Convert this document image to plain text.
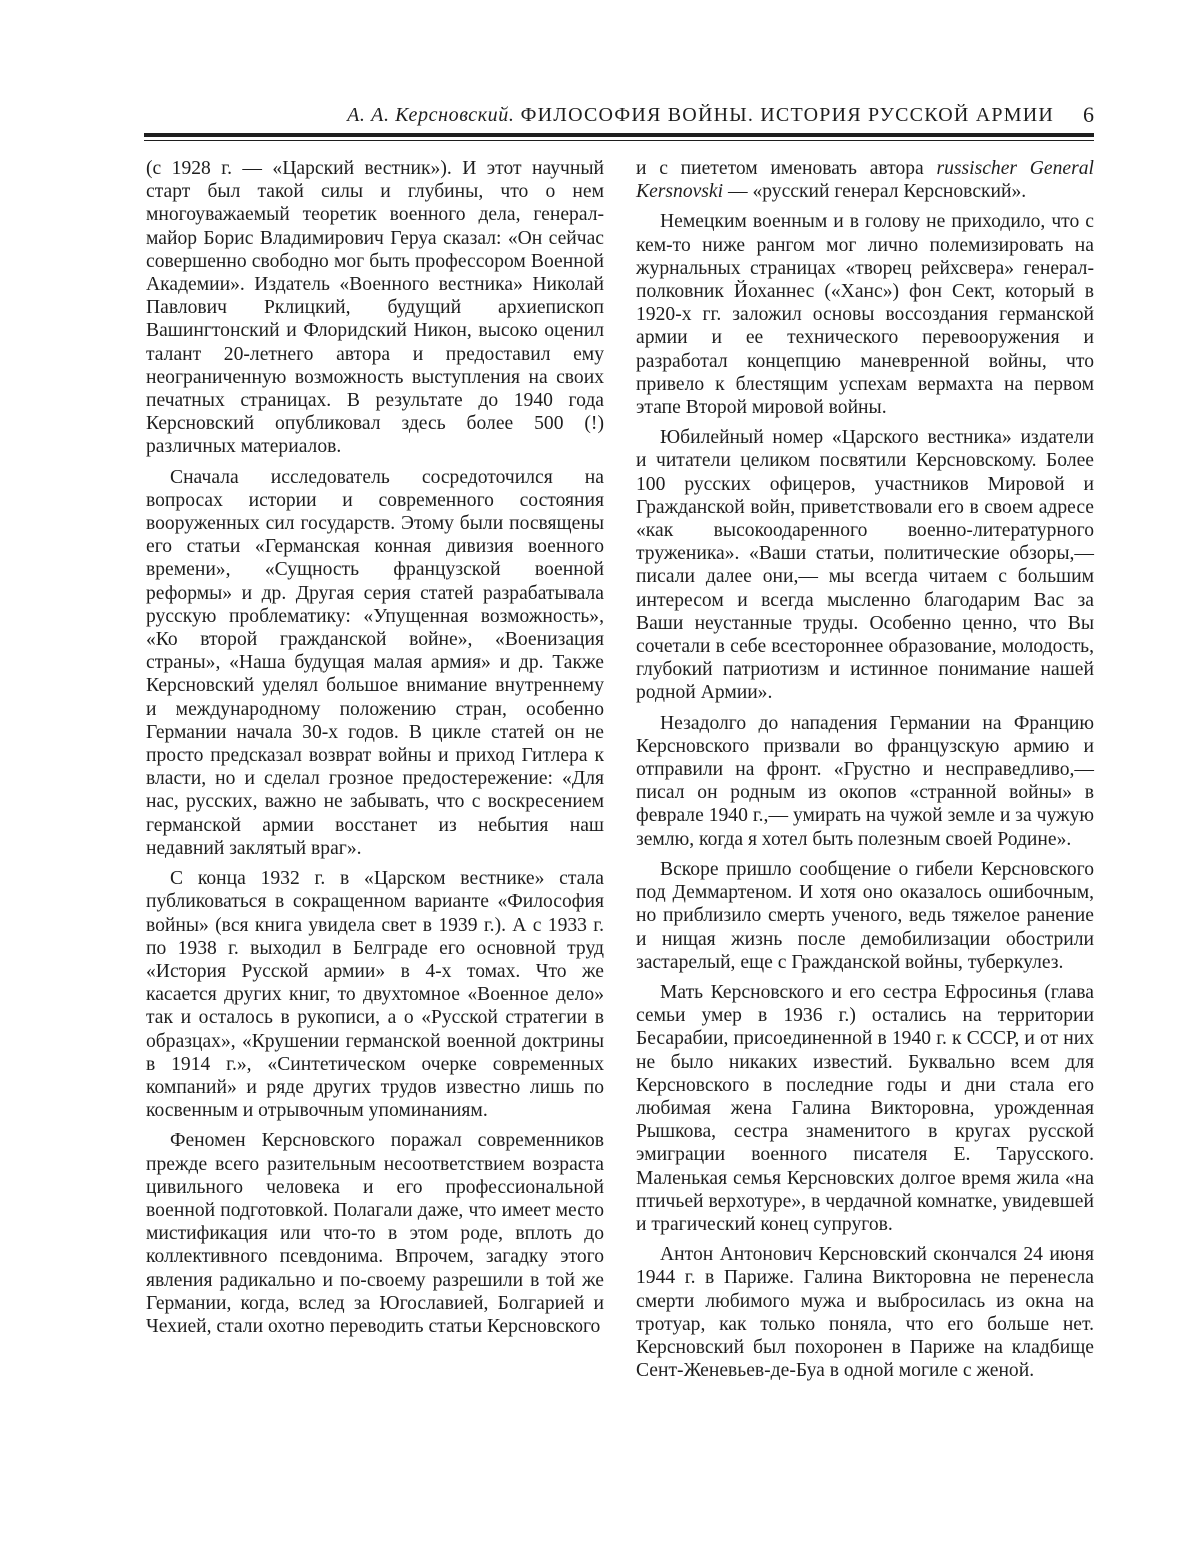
А. А. Керсновский. ФИЛОСОФИЯ ВОЙНЫ. ИСТОРИЯ РУССКОЙ АРМИИ 6

(с 1928 г. — «Царский вестник»). И этот научный старт был такой силы и глубины, что о нем многоуважаемый теоретик военного дела, генерал-майор Борис Владимирович Геруа сказал: «Он сейчас совершенно свободно мог быть профессором Военной Академии». Издатель «Военного вестника» Николай Павлович Рклицкий, будущий архиепископ Вашингтонский и Флоридский Никон, высоко оценил талант 20-летнего автора и предоставил ему неограниченную возможность выступления на своих печатных страницах. В результате до 1940 года Керсновский опубликовал здесь более 500 (!) различных материалов.

Сначала исследователь сосредоточился на вопросах истории и современного состояния вооруженных сил государств. Этому были посвящены его статьи «Германская конная дивизия военного времени», «Сущность французской военной реформы» и др. Другая серия статей разрабатывала русскую проблематику: «Упущенная возможность», «Ко второй гражданской войне», «Военизация страны», «Наша будущая малая армия» и др. Также Керсновский уделял большое внимание внутреннему и международному положению стран, особенно Германии начала 30-х годов. В цикле статей он не просто предсказал возврат войны и приход Гитлера к власти, но и сделал грозное предостережение: «Для нас, русских, важно не забывать, что с воскресением германской армии восстанет из небытия наш недавний заклятый враг».

С конца 1932 г. в «Царском вестнике» стала публиковаться в сокращенном варианте «Философия войны» (вся книга увидела свет в 1939 г.). А с 1933 г. по 1938 г. выходил в Белграде его основной труд «История Русской армии» в 4-х томах. Что же касается других книг, то двухтомное «Военное дело» так и осталось в рукописи, а о «Русской стратегии в образцах», «Крушении германской военной доктрины в 1914 г.», «Синтетическом очерке современных компаний» и ряде других трудов известно лишь по косвенным и отрывочным упоминаниям.

Феномен Керсновского поражал современников прежде всего разительным несоответствием возраста цивильного человека и его профессиональной военной подготовкой. Полагали даже, что имеет место мистификация или что-то в этом роде, вплоть до коллективного псевдонима. Впрочем, загадку этого явления радикально и по-своему разрешили в той же Германии, когда, вслед за Югославией, Болгарией и Чехией, стали охотно переводить статьи Керсновского

и с пиететом именовать автора russischer General Kersnovski — «русский генерал Керсновский».

Немецким военным и в голову не приходило, что с кем-то ниже рангом мог лично полемизировать на журнальных страницах «творец рейхсвера» генерал-полковник Йоханнес («Ханс») фон Сект, который в 1920-х гг. заложил основы воссоздания германской армии и ее технического перевооружения и разработал концепцию маневренной войны, что привело к блестящим успехам вермахта на первом этапе Второй мировой войны.

Юбилейный номер «Царского вестника» издатели и читатели целиком посвятили Керсновскому. Более 100 русских офицеров, участников Мировой и Гражданской войн, приветствовали его в своем адресе «как высокоодаренного военно-литературного труженика». «Ваши статьи, политические обзоры,— писали далее они,— мы всегда читаем с большим интересом и всегда мысленно благодарим Вас за Ваши неустанные труды. Особенно ценно, что Вы сочетали в себе всестороннее образование, молодость, глубокий патриотизм и истинное понимание нашей родной Армии».

Незадолго до нападения Германии на Францию Керсновского призвали во французскую армию и отправили на фронт. «Грустно и несправедливо,— писал он родным из окопов «странной войны» в феврале 1940 г.,— умирать на чужой земле и за чужую землю, когда я хотел быть полезным своей Родине».

Вскоре пришло сообщение о гибели Керсновского под Деммартеном. И хотя оно оказалось ошибочным, но приблизило смерть ученого, ведь тяжелое ранение и нищая жизнь после демобилизации обострили застарелый, еще с Гражданской войны, туберкулез.

Мать Керсновского и его сестра Ефросинья (глава семьи умер в 1936 г.) остались на территории Бесарабии, присоединенной в 1940 г. к СССР, и от них не было никаких известий. Буквально всем для Керсновского в последние годы и дни стала его любимая жена Галина Викторовна, урожденная Рышкова, сестра знаменитого в кругах русской эмиграции военного писателя Е. Тарусского. Маленькая семья Керсновских долгое время жила «на птичьей верхотуре», в чердачной комнатке, увидевшей и трагический конец супругов.

Антон Антонович Керсновский скончался 24 июня 1944 г. в Париже. Галина Викторовна не перенесла смерти любимого мужа и выбросилась из окна на тротуар, как только поняла, что его больше нет. Керсновский был похоронен в Париже на кладбище Сент-Женевьев-де-Буа в одной могиле с женой.
